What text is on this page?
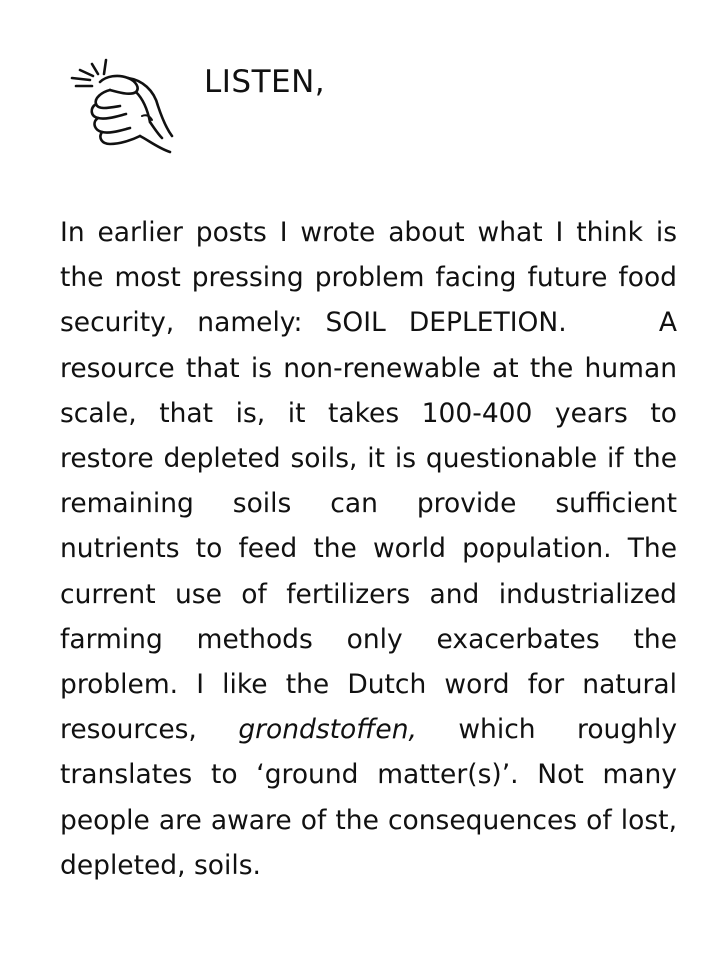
LISTEN,

In earlier posts I wrote about what I think is the most pressing problem facing future food security, namely: SOIL DEPLETION.    A resource that is non-renewable at the human scale, that is, it takes 100-400 years to restore depleted soils, it is questionable if the remaining soils can provide sufficient nutrients to feed the world population. The current use of fertilizers and industrialized farming methods only exacerbates the problem. I like the Dutch word for natural resources, grondstoffen, which roughly translates to ‘ground matter(s)’. Not many people are aware of the consequences of lost, depleted, soils.
